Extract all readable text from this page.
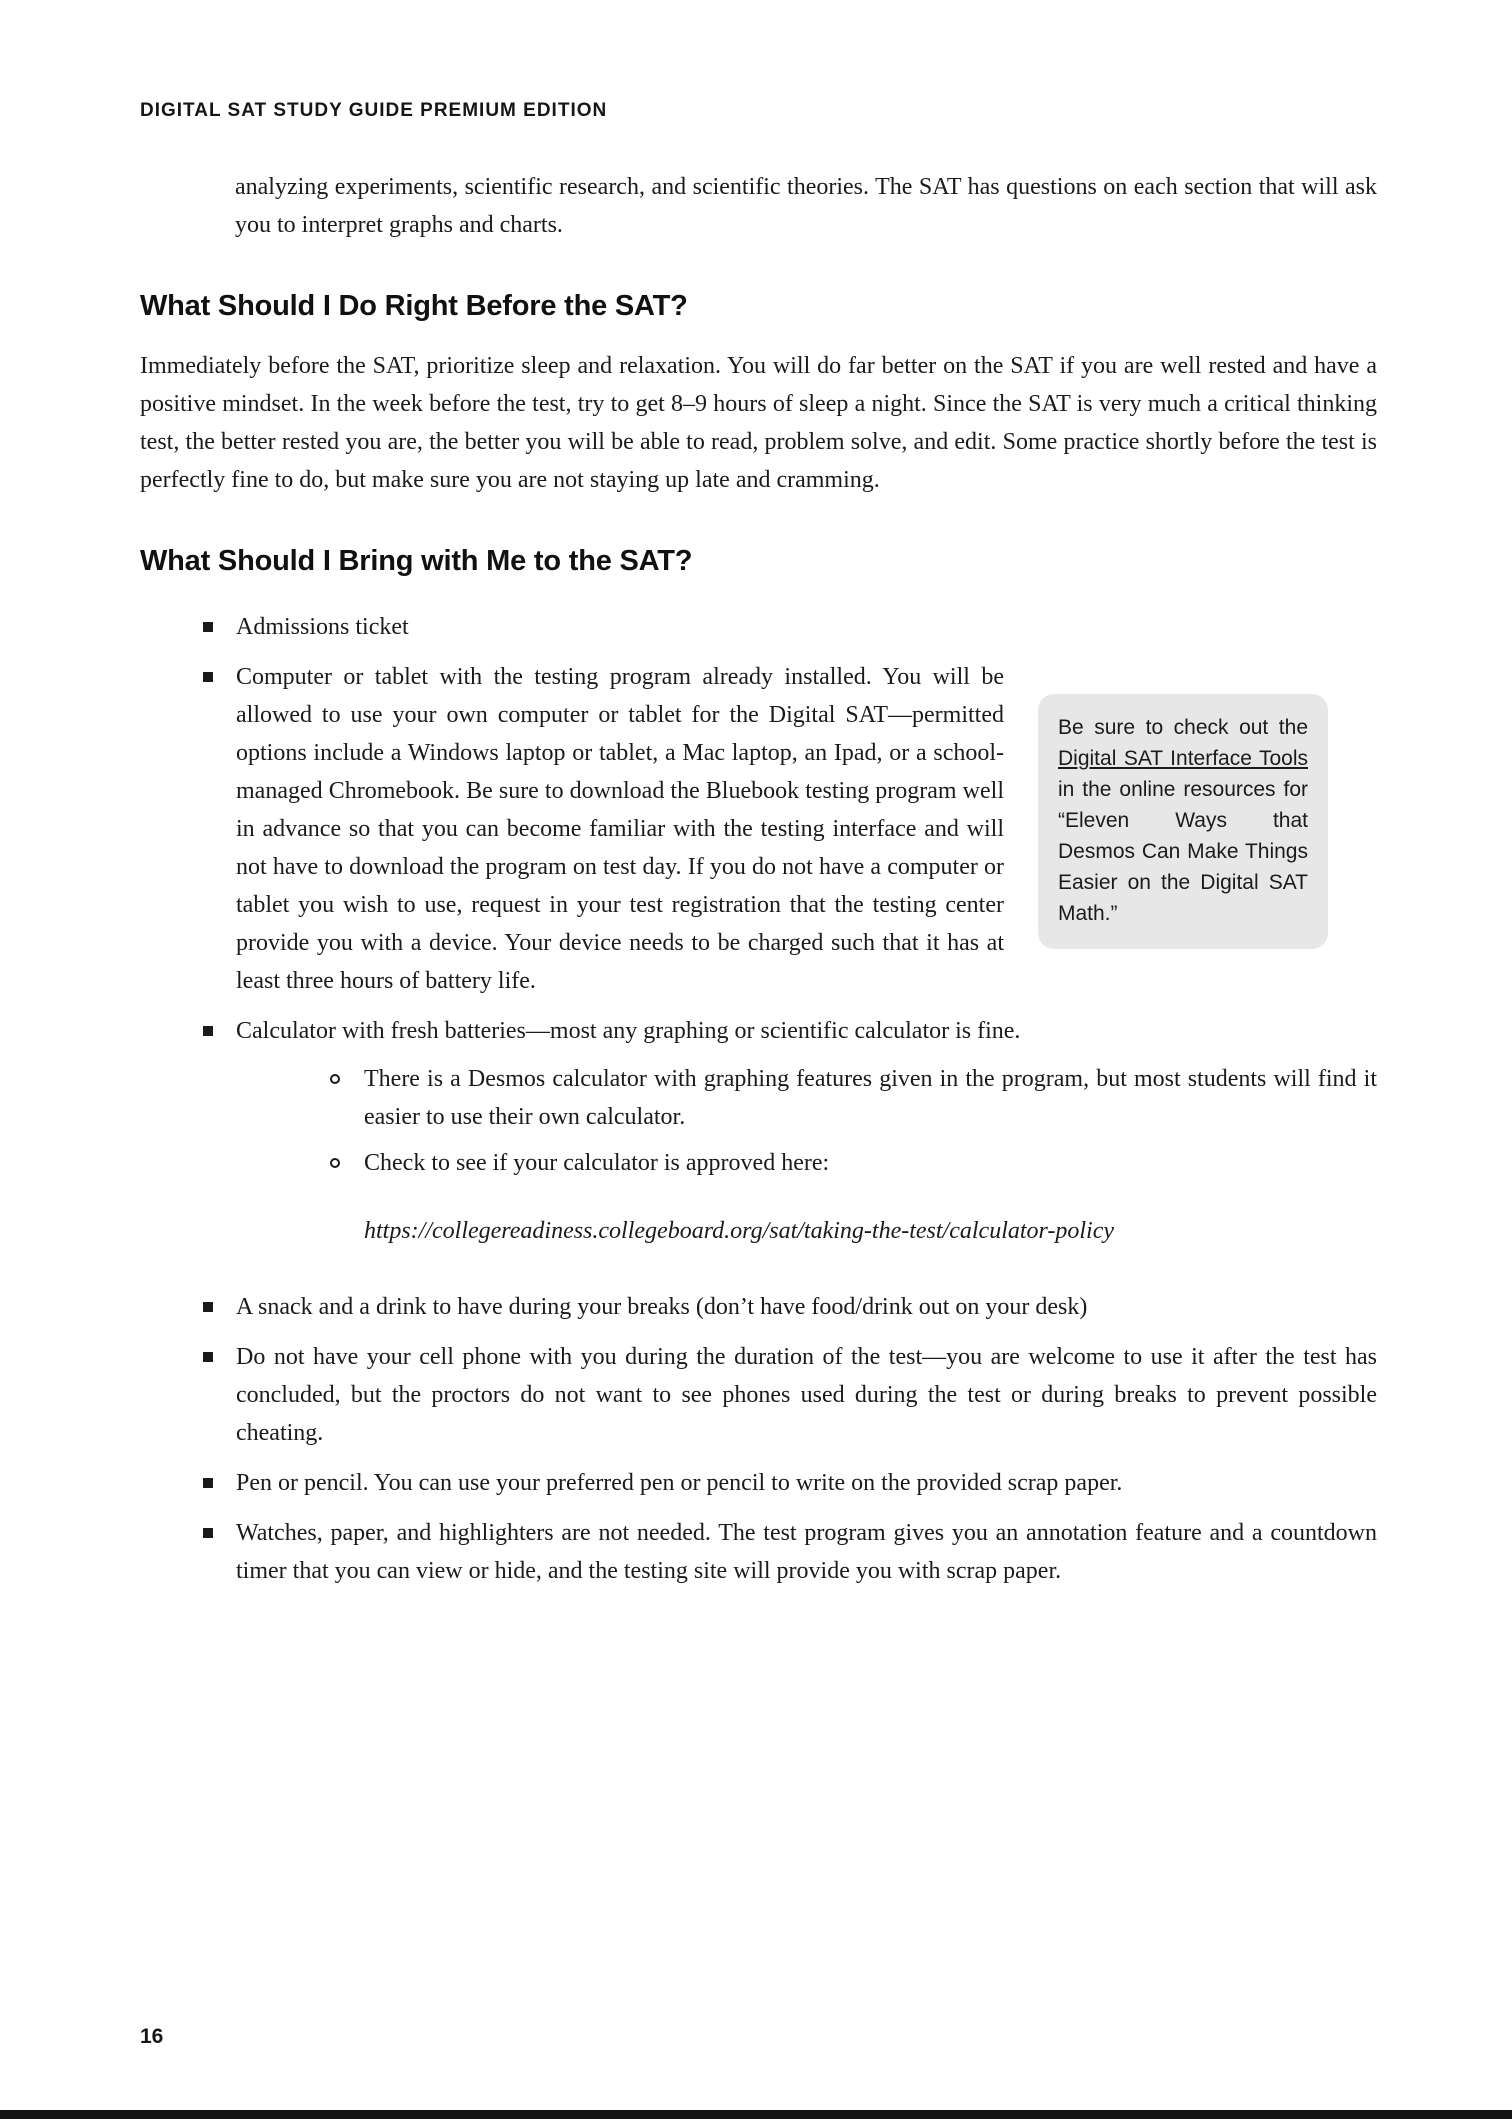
DIGITAL SAT STUDY GUIDE PREMIUM EDITION

analyzing experiments, scientific research, and scientific theories. The SAT has questions on each section that will ask you to interpret graphs and charts.

What Should I Do Right Before the SAT?

Immediately before the SAT, prioritize sleep and relaxation. You will do far better on the SAT if you are well rested and have a positive mindset. In the week before the test, try to get 8–9 hours of sleep a night. Since the SAT is very much a critical thinking test, the better rested you are, the better you will be able to read, problem solve, and edit. Some practice shortly before the test is perfectly fine to do, but make sure you are not staying up late and cramming.

What Should I Bring with Me to the SAT?
Admissions ticket

Be sure to check out the Digital SAT Interface Tools in the online resources for “Eleven Ways that Desmos Can Make Things Easier on the Digital SAT Math.”

Computer or tablet with the testing program already installed. You will be allowed to use your own computer or tablet for the Digital SAT—permitted options include a Windows laptop or tablet, a Mac laptop, an Ipad, or a school-managed Chromebook. Be sure to download the Bluebook testing program well in advance so that you can become familiar with the testing interface and will not have to download the program on test day. If you do not have a computer or tablet you wish to use, request in your test registration that the testing center provide you with a device. Your device needs to be charged such that it has at least three hours of battery life.
Calculator with fresh batteries—most any graphing or scientific calculator is fine.
There is a Desmos calculator with graphing features given in the program, but most students will find it easier to use their own calculator.
Check to see if your calculator is approved here:

https://collegereadiness.collegeboard.org/sat/taking-the-test/calculator-policy

A snack and a drink to have during your breaks (don’t have food/drink out on your desk)
Do not have your cell phone with you during the duration of the test—you are welcome to use it after the test has concluded, but the proctors do not want to see phones used during the test or during breaks to prevent possible cheating.
Pen or pencil. You can use your preferred pen or pencil to write on the provided scrap paper.
Watches, paper, and highlighters are not needed. The test program gives you an annotation feature and a countdown timer that you can view or hide, and the testing site will provide you with scrap paper.
16
